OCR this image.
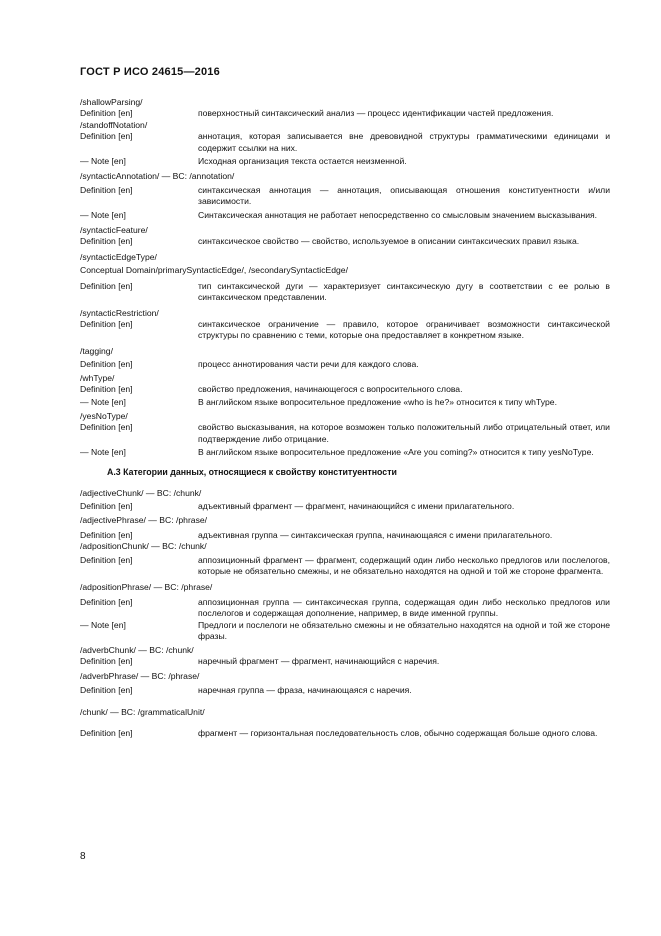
ГОСТ Р ИСО 24615—2016
/shallowParsing/
Definition [en]	поверхностный синтаксический анализ — процесс идентификации частей предложения.
/standoffNotation/
Definition [en]	аннотация, которая записывается вне древовидной структуры грамматическими единицами и содержит ссылки на них.
— Note [en]	Исходная организация текста остается неизменной.
/syntacticAnnotation/ — BC: /annotation/
Definition [en]	синтаксическая аннотация — аннотация, описывающая отношения конституентности и/или зависимости.
— Note [en]	Синтаксическая аннотация не работает непосредственно со смысловым значением высказывания.
/syntacticFeature/
Definition [en]	синтаксическое свойство — свойство, используемое в описании синтаксических правил языка.
/syntacticEdgeType/
Conceptual Domain/primarySyntacticEdge/, /secondarySyntacticEdge/
Definition [en]	тип синтаксической дуги — характеризует синтаксическую дугу в соответствии с ее ролью в синтаксическом представлении.
/syntacticRestriction/
Definition [en]	синтаксическое ограничение — правило, которое ограничивает возможности синтаксической структуры по сравнению с теми, которые она предоставляет в конкретном языке.
/tagging/
Definition [en]	процесс аннотирования части речи для каждого слова.
/whType/
Definition [en]	свойство предложения, начинающегося с вопросительного слова.
— Note [en]	В английском языке вопросительное предложение «who is he?» относится к типу whType.
/yesNoType/
Definition [en]	свойство высказывания, на которое возможен только положительный либо отрицательный ответ, или подтверждение либо отрицание.
— Note [en]	В английском языке вопросительное предложение «Are you coming?» относится к типу yesNoType.
А.3 Категории данных, относящиеся к свойству конституентности
/adjectiveChunk/ — BC: /chunk/
Definition [en]	адъективный фрагмент — фрагмент, начинающийся с имени прилагательного.
/adjectivePhrase/ — BC: /phrase/
Definition [en]	адъективная группа — синтаксическая группа, начинающаяся с имени прилагательного.
/adpositionChunk/ — BC: /chunk/
Definition [en]	аппозиционный фрагмент — фрагмент, содержащий один либо несколько предлогов или послелогов, которые не обязательно смежны, и не обязательно находятся на одной и той же стороне фрагмента.
/adpositionPhrase/ — BC: /phrase/
Definition [en]	аппозиционная группа — синтаксическая группа, содержащая один либо несколько предлогов или послелогов и содержащая дополнение, например, в виде именной группы.
— Note [en]	Предлоги и послелоги не обязательно смежны и не обязательно находятся на одной и той же стороне фразы.
/adverbChunk/ — BC: /chunk/
Definition [en]	наречный фрагмент — фрагмент, начинающийся с наречия.
/adverbPhrase/ — BC: /phrase/
Definition [en]	наречная группа — фраза, начинающаяся с наречия.
/chunk/ — BC: /grammaticalUnit/
Definition [en]	фрагмент — горизонтальная последовательность слов, обычно содержащая больше одного слова.
8
